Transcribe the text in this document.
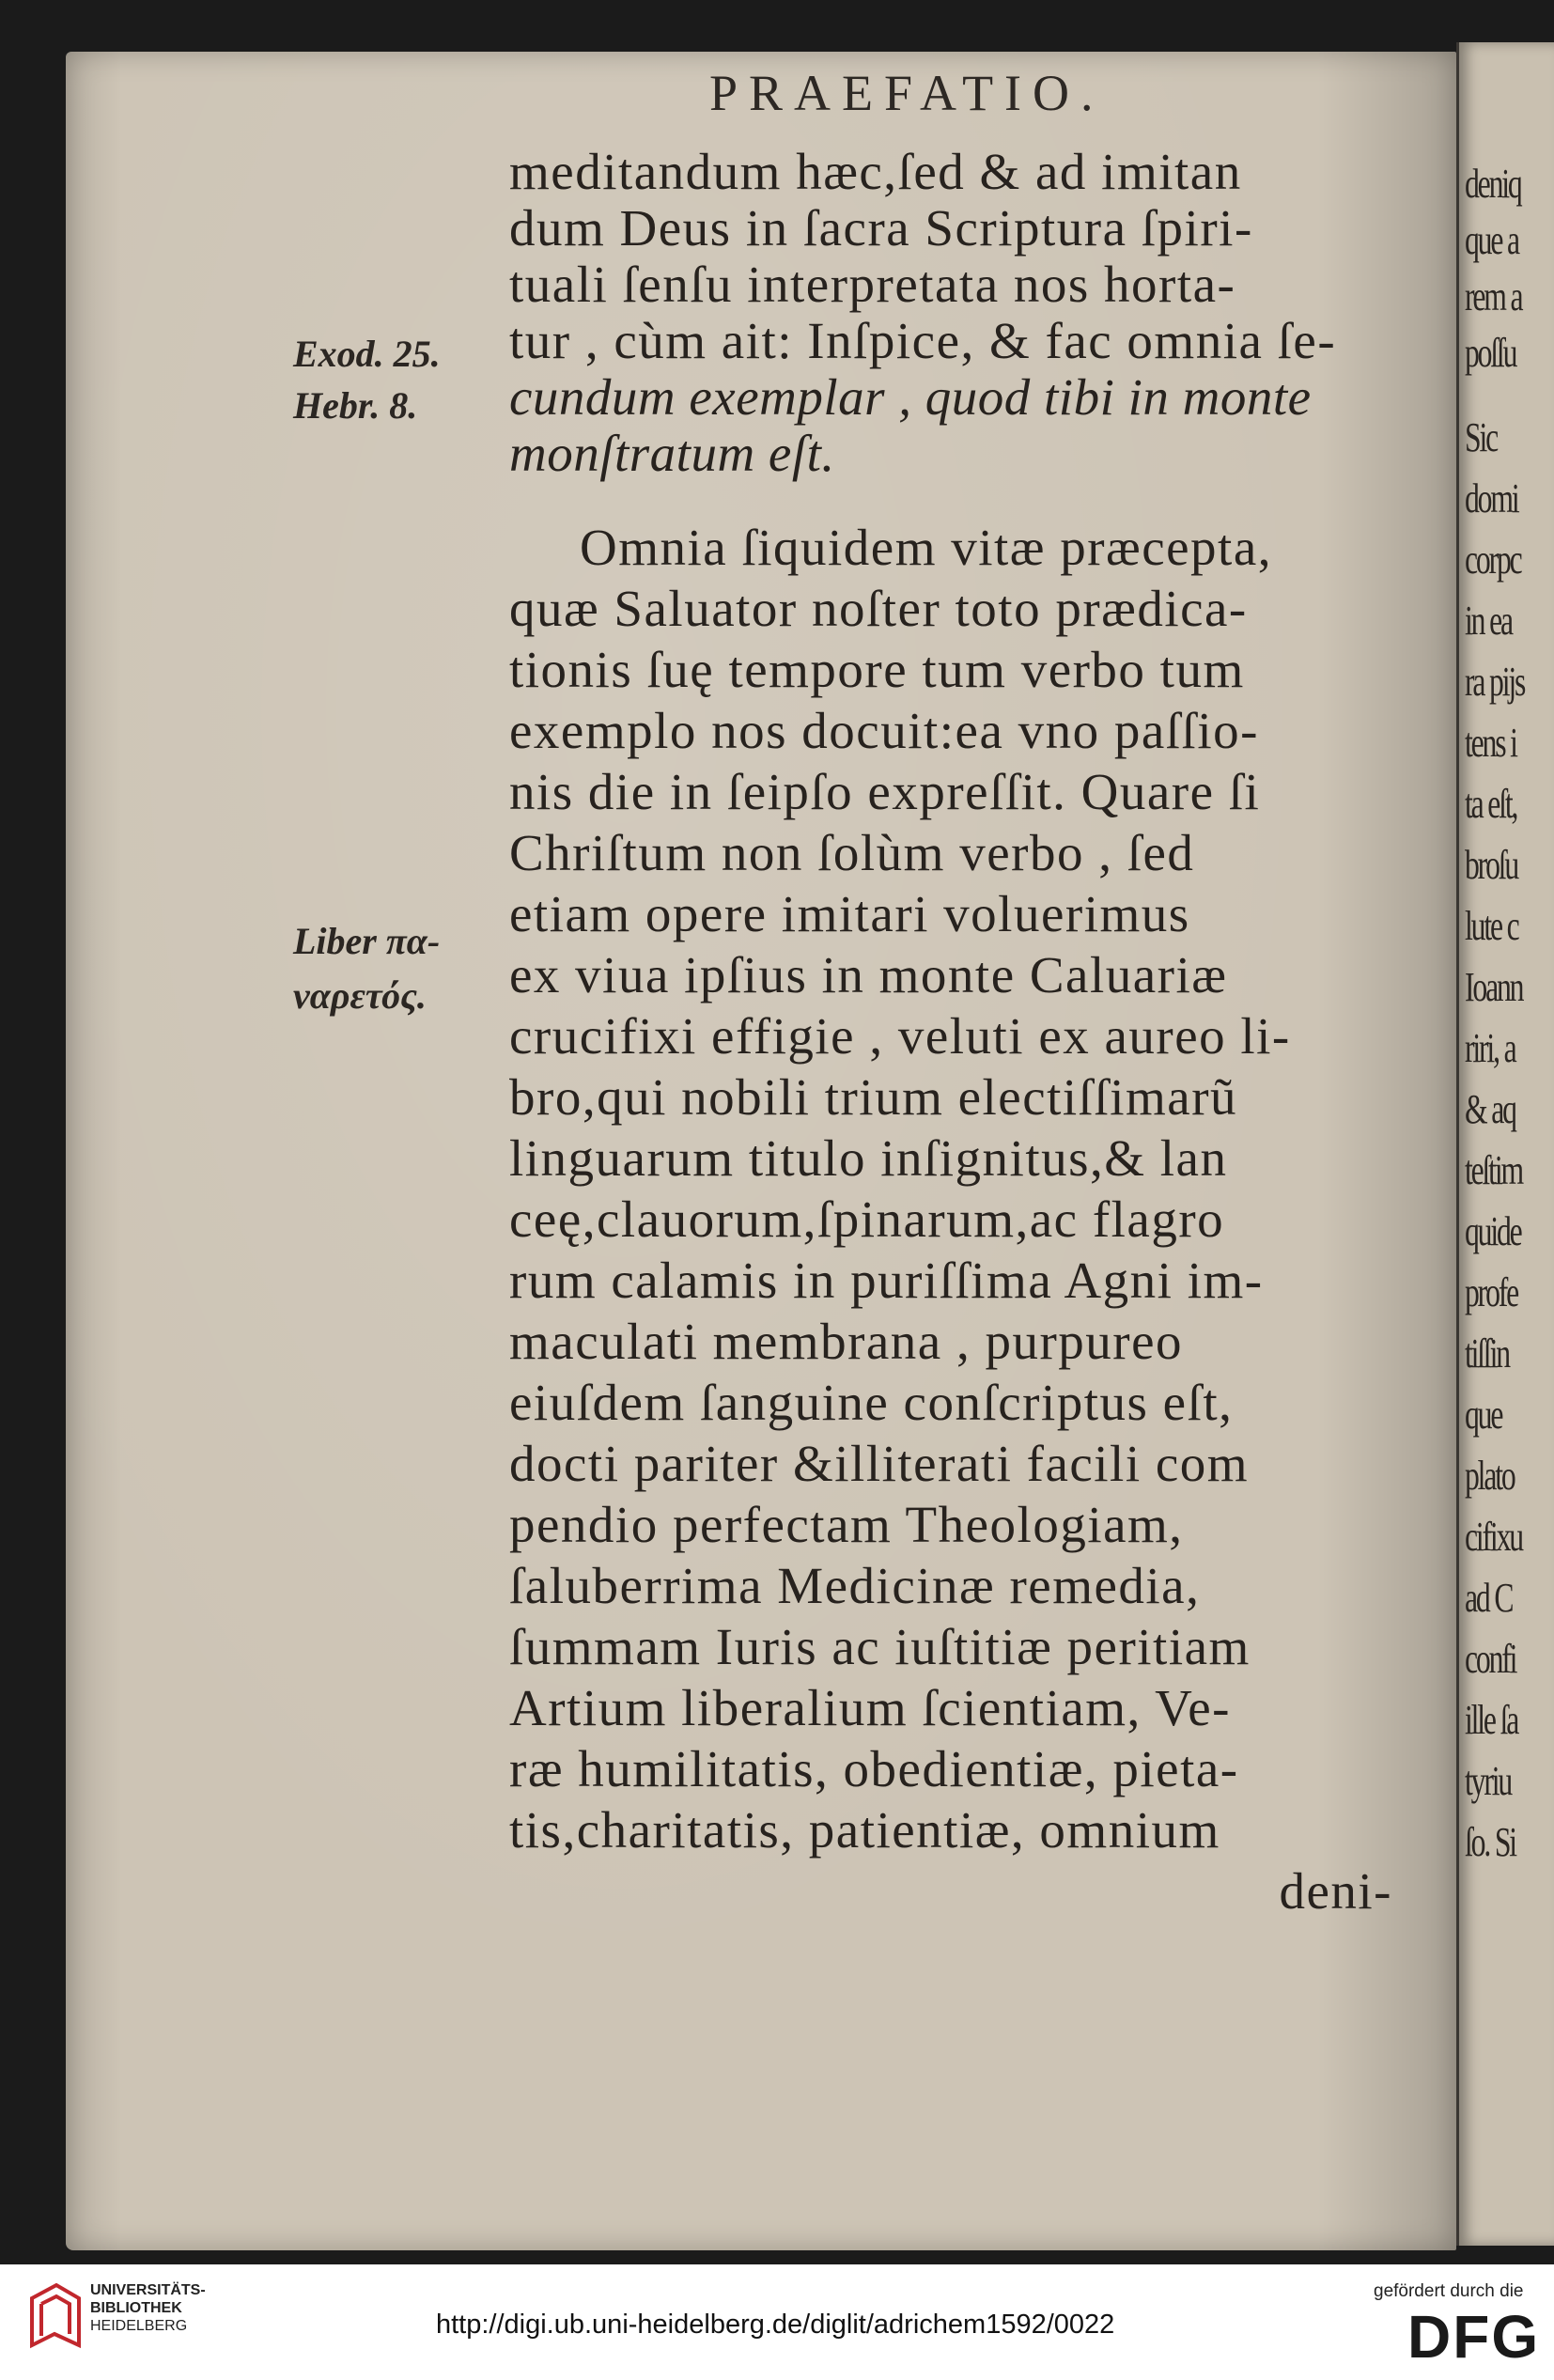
deniq
que a
rem a
poſſu
Sic
domi
corpc
in ea
ra pijs
tens i
ta eſt,
broſu
lute c
Ioann
riri, a
& aq
teſtim
quide
profe
tiſſin
que
plato
cifixu
ad C
confi
ille ſa
tyriu
ſo. Si
PRAEFATIO.
Exod. 25.
Hebr. 8.
Liber πα-
ναρετός.
meditandum hæc,ſed & ad imitan
dum Deus in ſacra Scriptura ſpiri-
tuali ſenſu interpretata nos horta-
tur , cùm ait: Inſpice, & fac omnia ſe-
cundum exemplar , quod tibi in monte
monſtratum eſt.
Omnia ſiquidem vitæ præcepta,
quæ Saluator noſter toto prædica-
tionis ſuę tempore tum verbo tum
exemplo nos docuit:ea vno paſſio-
nis die in ſeipſo expreſſit. Quare ſi
Chriſtum non ſolùm verbo , ſed
etiam opere imitari voluerimus
ex viua ipſius in monte Caluariæ
crucifixi effigie , veluti ex aureo li-
bro,qui nobili trium electiſſimarũ
linguarum titulo inſignitus,& lan
ceę,clauorum,ſpinarum,ac flagro
rum calamis in puriſſima Agni im-
maculati membrana , purpureo
eiuſdem ſanguine conſcriptus eſt,
docti pariter &illiterati facili com
pendio perfectam Theologiam,
ſaluberrima Medicinæ remedia,
ſummam Iuris ac iuſtitiæ peritiam
Artium liberalium ſcientiam, Ve-
ræ humilitatis, obedientiæ, pieta-
tis,charitatis, patientiæ, omnium
deni-
UNIVERSITÄTS-
BIBLIOTHEK
HEIDELBERG	http://digi.ub.uni-heidelberg.de/diglit/adrichem1592/0022
gefördert durch die
DFG
